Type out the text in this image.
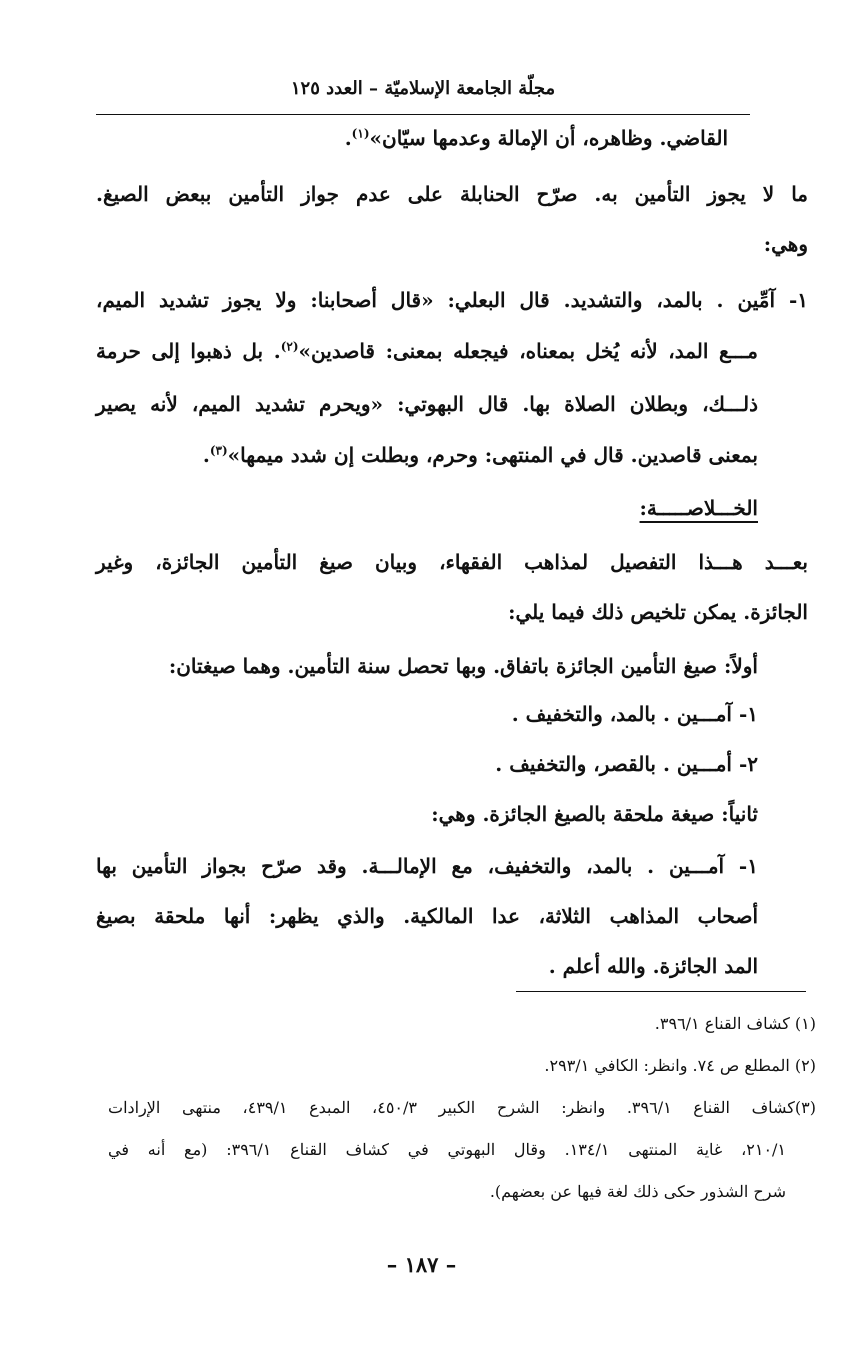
مجلّة الجامعة الإسلاميّة – العدد ١٢٥
القاضي. وظاهره، أن الإمالة وعدمها سيّان»$^{(١)}$.
ما لا يجوز التأمين به. صرّح الحنابلة على عدم جواز التأمين ببعض الصيغ.
وهي:
١- آمِّين . بالمد، والتشديد. قال البعلي: «قال أصحابنا: ولا يجوز تشديد الميم،
مـــع المد، لأنه يُخل بمعناه، فيجعله بمعنى: قاصدين»$^{(٢)}$. بل ذهبوا إلى حرمة
ذلـــك، وبطلان الصلاة بها. قال البهوتي: «ويحرم تشديد الميم، لأنه يصير
بمعنى قاصدين. قال في المنتهى: وحرم، وبطلت إن شدد ميمها»$^{(٣)}$.
الخـــلاصـــــة:
بعـــد هـــذا التفصيل لمذاهب الفقهاء، وبيان صيغ التأمين الجائزة، وغير
الجائزة. يمكن تلخيص ذلك فيما يلي:
أولاً: صيغ التأمين الجائزة باتفاق. وبها تحصل سنة التأمين. وهما صيغتان:
١- آمـــين . بالمد، والتخفيف .
٢- أمـــين . بالقصر، والتخفيف .
ثانياً: صيغة ملحقة بالصيغ الجائزة. وهي:
١- آمـــين . بالمد، والتخفيف، مع الإمالـــة. وقد صرّح بجواز التأمين بها
أصحاب المذاهب الثلاثة، عدا المالكية. والذي يظهر: أنها ملحقة بصيغ
المد الجائزة. والله أعلم .
(١) كشاف القناع ٣٩٦/١.
(٢) المطلع ص ٧٤. وانظر: الكافي ٢٩٣/١.
(٣)كشاف القناع ٣٩٦/١. وانظر: الشرح الكبير ٤٥٠/٣، المبدع ٤٣٩/١، منتهى الإرادات
٢١٠/١، غاية المنتهى ١٣٤/١. وقال البهوتي في كشاف القناع ٣٩٦/١: (مع أنه في
شرح الشذور حكى ذلك لغة فيها عن بعضهم).
– ١٨٧ –
